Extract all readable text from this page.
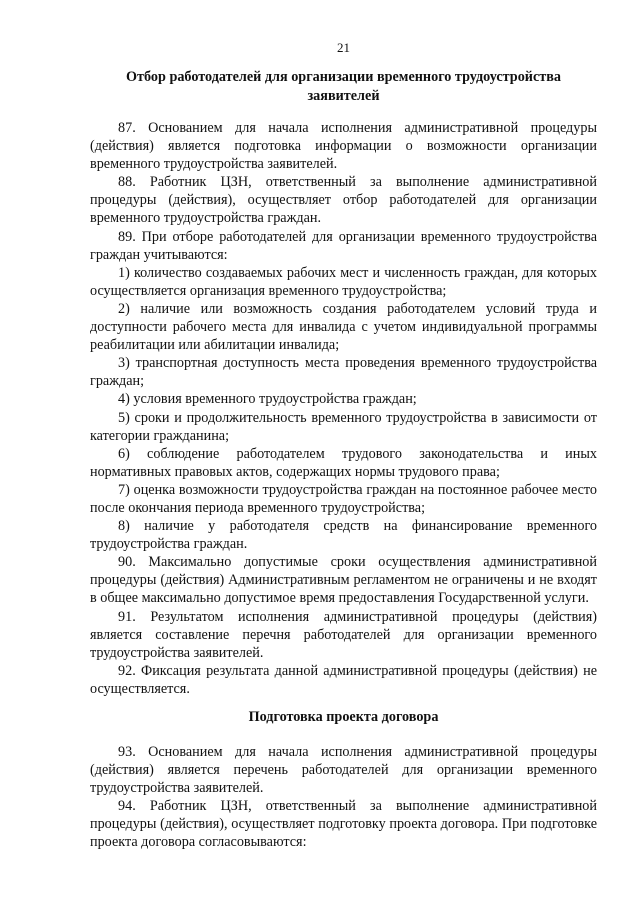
21
Отбор работодателей для организации временного трудоустройства заявителей

87. Основанием для начала исполнения административной процедуры (действия) является подготовка информации о возможности организации временного трудоустройства заявителей.

88. Работник ЦЗН, ответственный за выполнение административной процедуры (действия), осуществляет отбор работодателей для организации временного трудоустройства граждан.

89. При отборе работодателей для организации временного трудоустройства граждан учитываются:

1) количество создаваемых рабочих мест и численность граждан, для которых осуществляется организация временного трудоустройства;

2) наличие или возможность создания работодателем условий труда и доступности рабочего места для инвалида с учетом индивидуальной программы реабилитации или абилитации инвалида;

3) транспортная доступность места проведения временного трудоустройства граждан;

4) условия временного трудоустройства граждан;

5) сроки и продолжительность временного трудоустройства в зависимости от категории гражданина;

6) соблюдение работодателем трудового законодательства и иных нормативных правовых актов, содержащих нормы трудового права;

7) оценка возможности трудоустройства граждан на постоянное рабочее место после окончания периода временного трудоустройства;

8) наличие у работодателя средств на финансирование временного трудоустройства граждан.

90. Максимально допустимые сроки осуществления административной процедуры (действия) Административным регламентом не ограничены и не входят в общее максимально допустимое время предоставления Государственной услуги.

91. Результатом исполнения административной процедуры (действия) является составление перечня работодателей для организации временного трудоустройства заявителей.

92. Фиксация результата данной административной процедуры (действия) не осуществляется.

Подготовка проекта договора

93. Основанием для начала исполнения административной процедуры (действия) является перечень работодателей для организации временного трудоустройства заявителей.

94. Работник ЦЗН, ответственный за выполнение административной процедуры (действия), осуществляет подготовку проекта договора. При подготовке проекта договора согласовываются:
